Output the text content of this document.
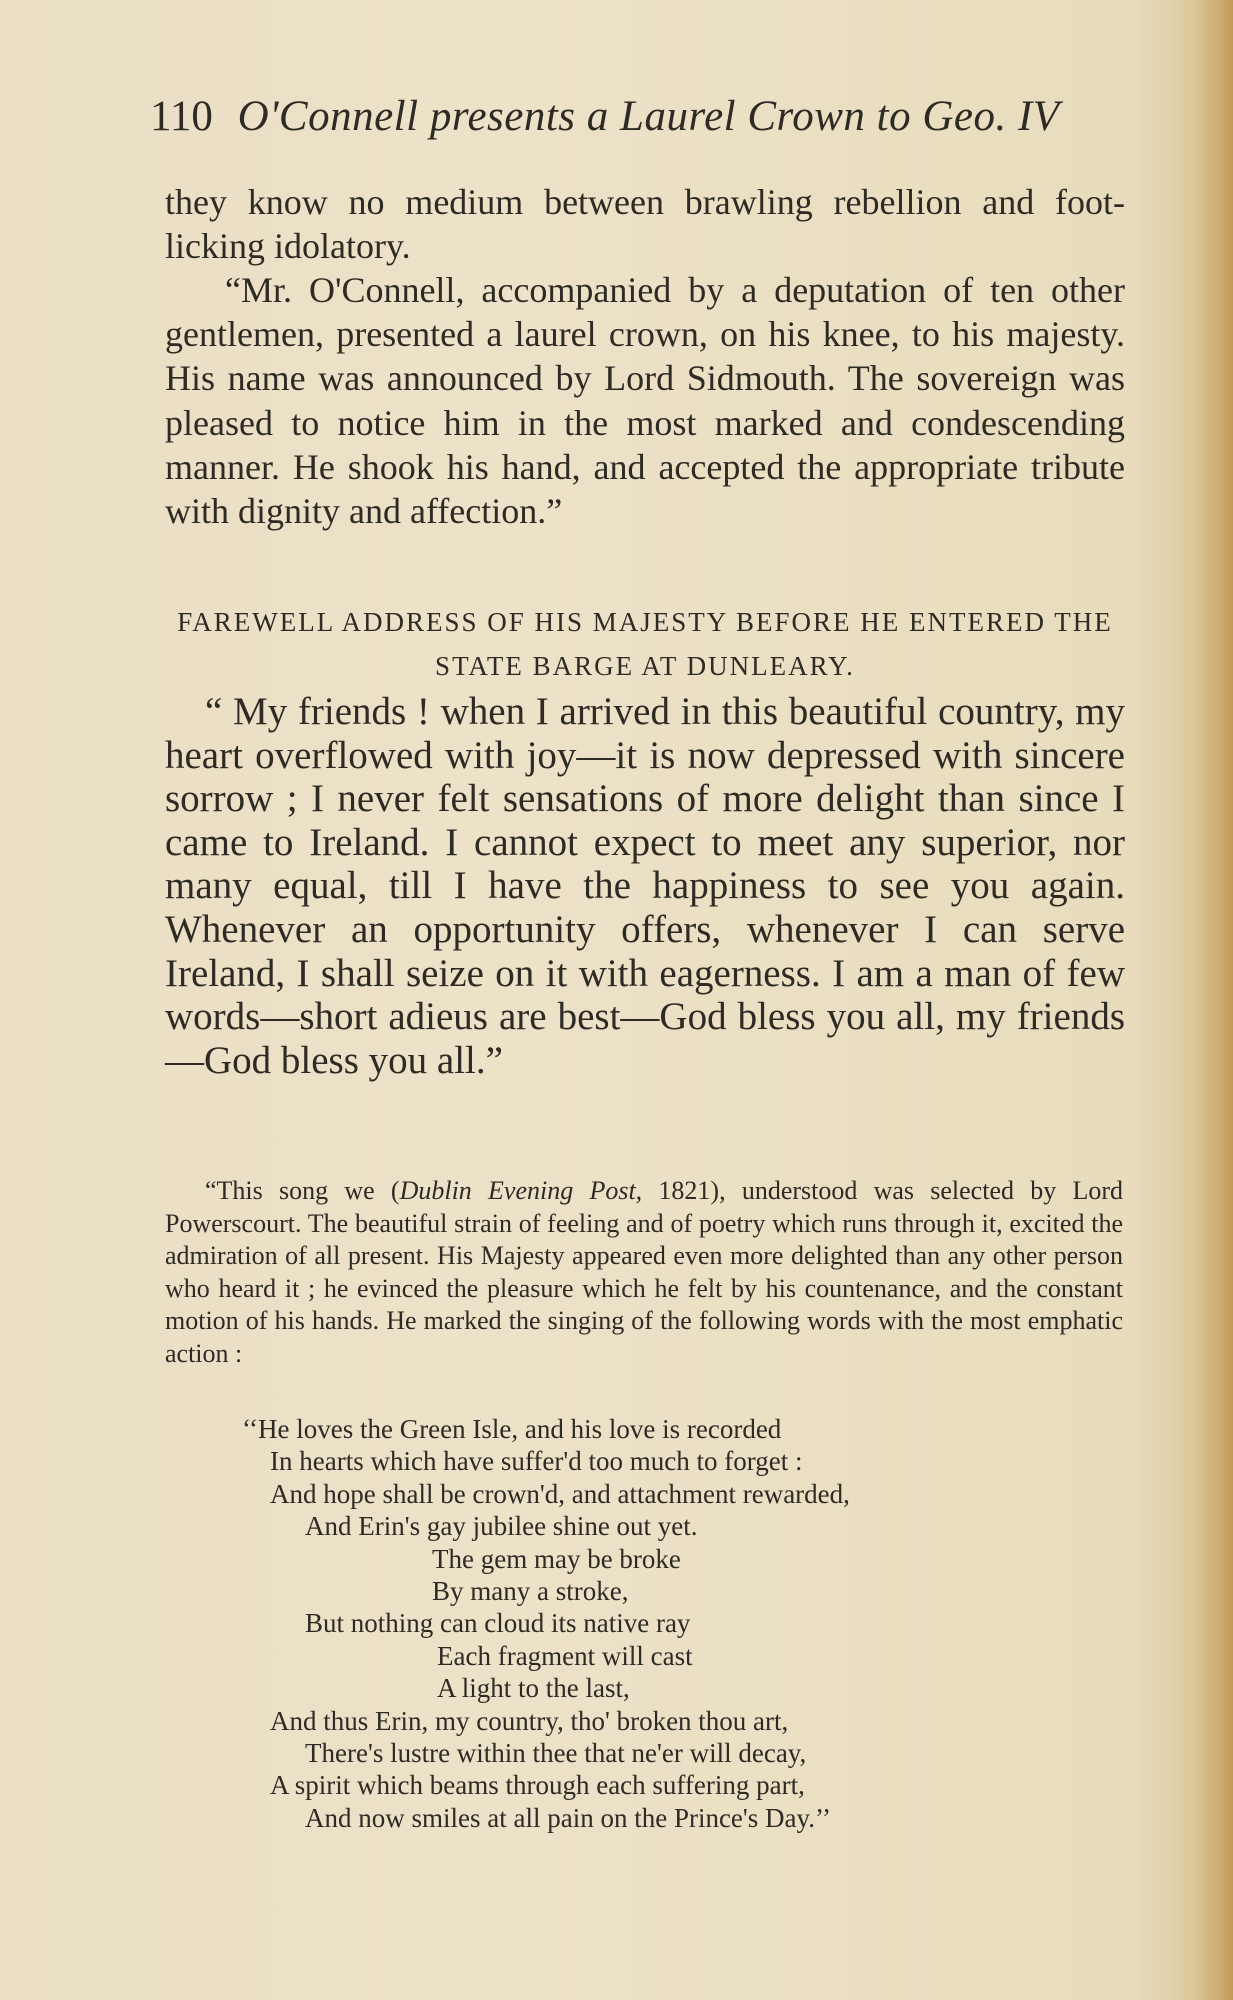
110 O'Connell presents a Laurel Crown to Geo. IV

they know no medium between brawling rebellion and foot-licking idolatory.

“Mr. O'Connell, accompanied by a deputation of ten other gentlemen, presented a laurel crown, on his knee, to his majesty. His name was announced by Lord Sidmouth. The sovereign was pleased to notice him in the most marked and condescending manner. He shook his hand, and accepted the appropriate tribute with dignity and affection.”

FAREWELL ADDRESS OF HIS MAJESTY BEFORE HE ENTERED THE STATE BARGE AT DUNLEARY.
“ My friends ! when I arrived in this beautiful country, my heart overflowed with joy—it is now depressed with sincere sorrow ; I never felt sensations of more delight than since I came to Ireland. I cannot expect to meet any superior, nor many equal, till I have the happiness to see you again. Whenever an opportunity offers, whenever I can serve Ireland, I shall seize on it with eagerness. I am a man of few words—short adieus are best—God bless you all, my friends—God bless you all.”
“This song we (Dublin Evening Post, 1821), understood was selected by Lord Powerscourt. The beautiful strain of feeling and of poetry which runs through it, excited the admiration of all present. His Majesty appeared even more delighted than any other person who heard it ; he evinced the pleasure which he felt by his countenance, and the constant motion of his hands. He marked the singing of the following words with the most emphatic action :
‘‘He loves the Green Isle, and his love is recorded
In hearts which have suffer'd too much to forget :
And hope shall be crown'd, and attachment rewarded,
And Erin's gay jubilee shine out yet.
The gem may be broke
By many a stroke,
But nothing can cloud its native ray
Each fragment will cast
A light to the last,
And thus Erin, my country, tho' broken thou art,
There's lustre within thee that ne'er will decay,
A spirit which beams through each suffering part,
And now smiles at all pain on the Prince's Day.’’
